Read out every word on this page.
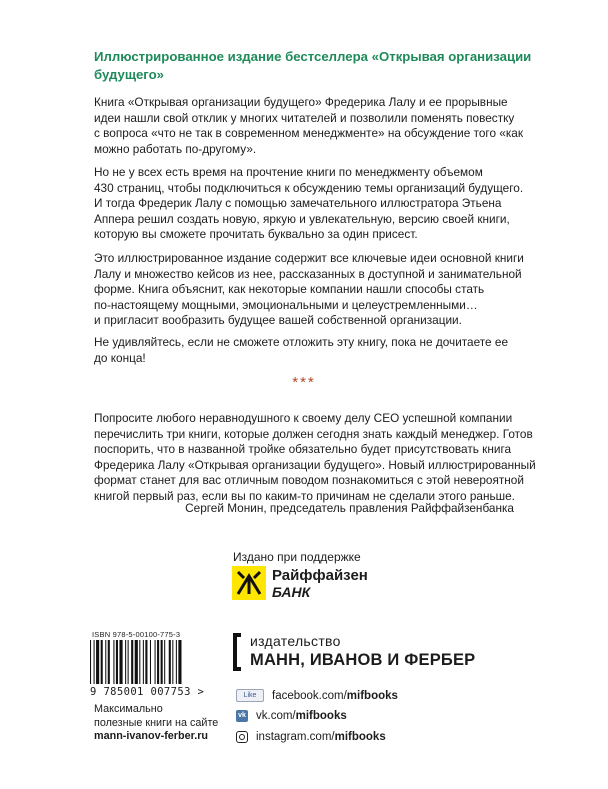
Иллюстрированное издание бестселлера «Открывая организации
будущего»
Книга «Открывая организации будущего» Фредерика Лалу и ее прорывные
идеи нашли свой отклик у многих читателей и позволили поменять повестку
с вопроса «что не так в современном менеджменте» на обсуждение того «как
можно работать по-другому».
Но не у всех есть время на прочтение книги по менеджменту объемом
430 страниц, чтобы подключиться к обсуждению темы организаций будущего.
И тогда Фредерик Лалу с помощью замечательного иллюстратора Этьена
Аппера решил создать новую, яркую и увлекательную, версию своей книги,
которую вы сможете прочитать буквально за один присест.
Это иллюстрированное издание содержит все ключевые идеи основной книги
Лалу и множество кейсов из нее, рассказанных в доступной и занимательной
форме. Книга объяснит, как некоторые компании нашли способы стать
по-настоящему мощными, эмоциональными и целеустремленными…
и пригласит вообразить будущее вашей собственной организации.
Не удивляйтесь, если не сможете отложить эту книгу, пока не дочитаете ее
до конца!
***
Попросите любого неравнодушного к своему делу CEO успешной компании
перечислить три книги, которые должен сегодня знать каждый менеджер. Готов
поспорить, что в названной тройке обязательно будет присутствовать книга
Фредерика Лалу «Открывая организации будущего». Новый иллюстрированный
формат станет для вас отличным поводом познакомиться с этой невероятной
книгой первый раз, если вы по каким-то причинам не сделали этого раньше.
Сергей Монин, председатель правления Райффайзенбанка
Издано при поддержке
Райффайзен
БАНК
ISBN 978-5-00100-775-3
9 785001 007753 >
Максимально
полезные книги на сайте
mann-ivanov-ferber.ru
издательство
МАНН, ИВАНОВ И ФЕРБЕР
Like	facebook.com/ mifbooks
vk vk.com/ mifbooks
instagram.com/ mifbooks
